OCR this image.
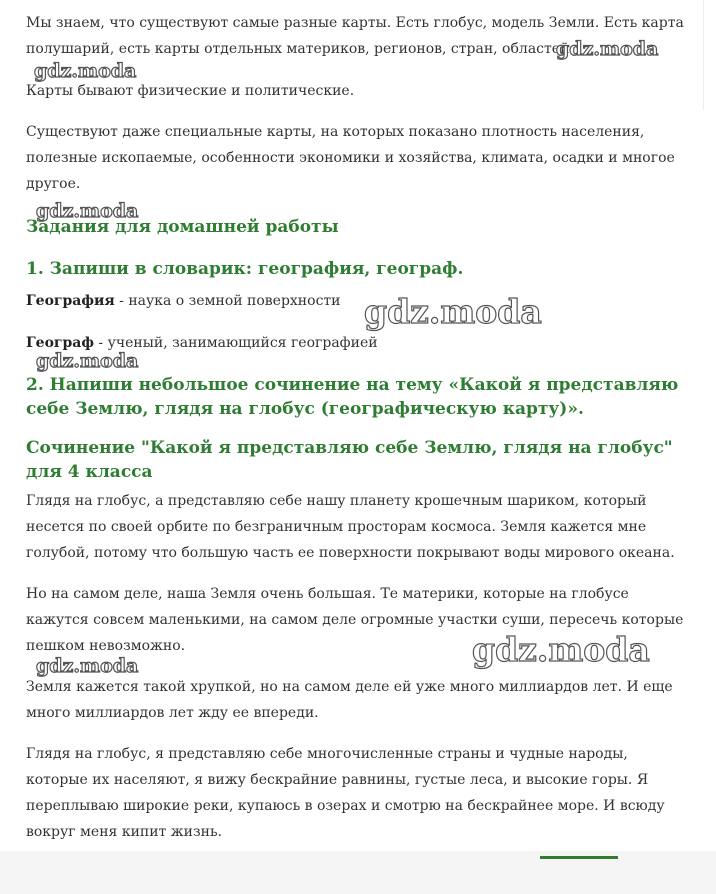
Мы знаем, что существуют самые разные карты. Есть глобус, модель Земли. Есть карта полушарий, есть карты отдельных материков, регионов, стран, областей

Карты бывают физические и политические.

Существуют даже специальные карты, на которых показано плотность населения, полезные ископаемые, особенности экономики и хозяйства, климата, осадки и многое другое.

Задания для домашней работы
1. Запиши в словарик: география, географ.

География - наука о земной поверхности

Географ - ученый, занимающийся географией

2. Напиши небольшое сочинение на тему «Какой я представляю себе Землю, глядя на глобус (географическую карту)».
Сочинение "Какой я представляю себе Землю, глядя на глобус" для 4 класса

Глядя на глобус, а представляю себе нашу планету крошечным шариком, который несется по своей орбите по безграничным просторам космоса. Земля кажется мне голубой, потому что большую часть ее поверхности покрывают воды мирового океана.

Но на самом деле, наша Земля очень большая. Те материки, которые на глобусе кажутся совсем маленькими, на самом деле огромные участки суши, пересечь которые пешком невозможно.

Земля кажется такой хрупкой, но на самом деле ей уже много миллиардов лет. И еще много миллиардов лет жду ее впереди.

Глядя на глобус, я представляю себе многочисленные страны и чудные народы, которые их населяют, я вижу бескрайние равнины, густые леса, и высокие горы. Я переплываю широкие реки, купаюсь в озерах и смотрю на бескрайнее море. И всюду вокруг меня кипит жизнь.

gdz.moda
gdz.moda
gdz.moda
gdz.moda
gdz.moda
gdz.moda
gdz.moda
